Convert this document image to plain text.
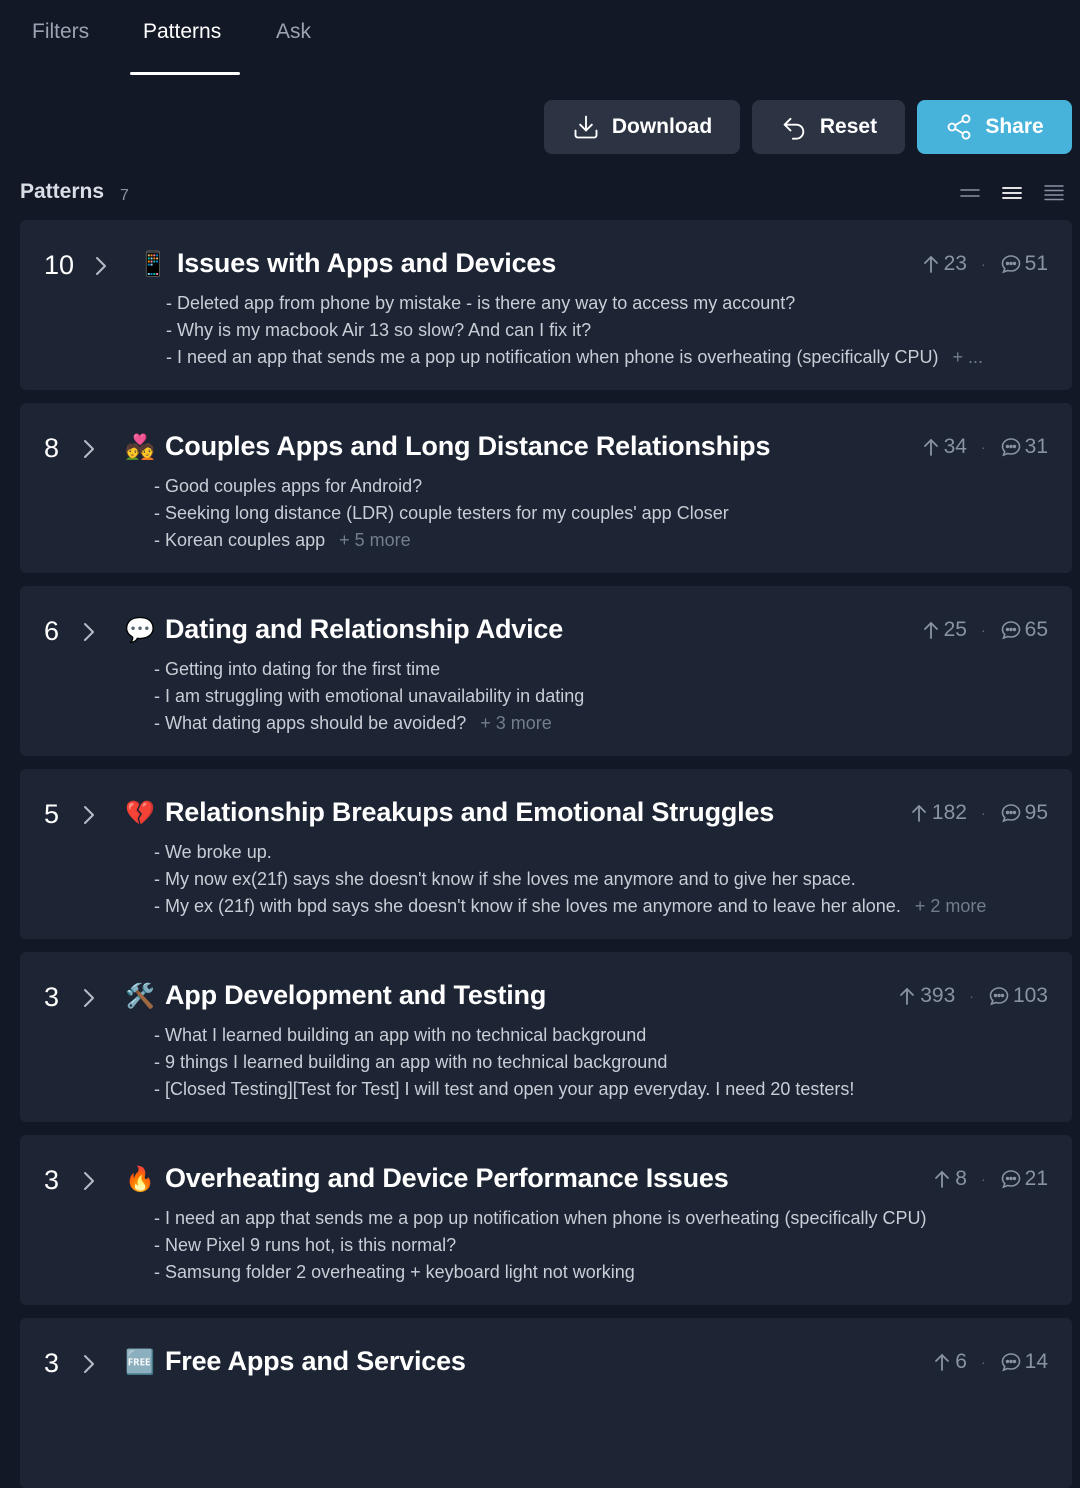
Filters	Patterns	Ask
Download	Reset	Share
Patterns 7
10	📱 Issues with Apps and Devices	23 · 51
- Deleted app from phone by mistake - is there any way to access my account?
- Why is my macbook Air 13 so slow? And can I fix it?
- I need an app that sends me a pop up notification when phone is overheating (specifically CPU) + ...
8	💑 Couples Apps and Long Distance Relationships	34 · 31
- Good couples apps for Android?
- Seeking long distance (LDR) couple testers for my couples' app Closer
- Korean couples app + 5 more
6	💬 Dating and Relationship Advice	25 · 65
- Getting into dating for the first time
- I am struggling with emotional unavailability in dating
- What dating apps should be avoided? + 3 more
5	💔 Relationship Breakups and Emotional Struggles	182 · 95
- We broke up.
- My now ex(21f) says she doesn't know if she loves me anymore and to give her space.
- My ex (21f) with bpd says she doesn't know if she loves me anymore and to leave her alone. + 2 more
3	🛠️ App Development and Testing	393 · 103
- What I learned building an app with no technical background
- 9 things I learned building an app with no technical background
- [Closed Testing][Test for Test] I will test and open your app everyday. I need 20 testers!
3	🔥 Overheating and Device Performance Issues	8 · 21
- I need an app that sends me a pop up notification when phone is overheating (specifically CPU)
- New Pixel 9 runs hot, is this normal?
- Samsung folder 2 overheating + keyboard light not working
3	🆓 Free Apps and Services	6 · 14
